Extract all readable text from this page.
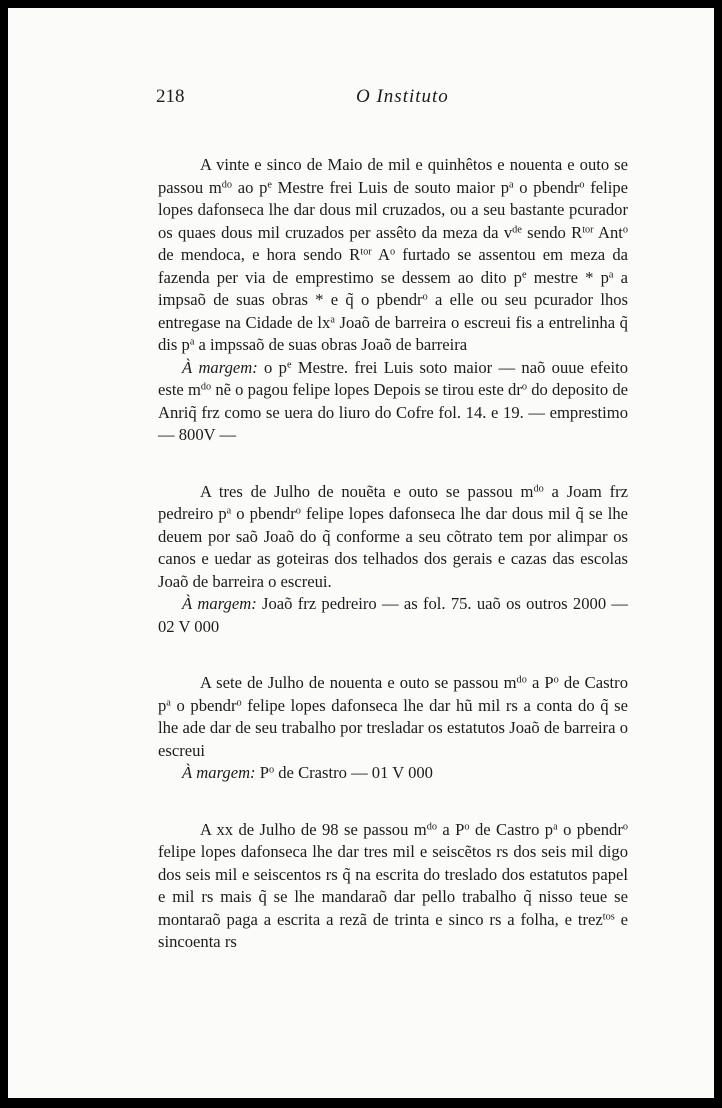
218	O Instituto

A vinte e sinco de Maio de mil e quinhêtos e nouenta e outo se passou $m^{do}$ ao $p^e$ Mestre frei Luis de souto maior $p^a$ o pbendr$^o$ felipe lopes dafonseca lhe dar dous mil cruzados, ou a seu bastante pcurador os quaes dous mil cruzados per assêto da meza da $v^{de}$ sendo $R^{tor}$ Ant$^o$ de mendoca, e hora sendo $R^{tor}$ $A^o$ furtado se assentou em meza da fazenda per via de emprestimo se dessem ao dito $p^e$ mestre * $p^a$ a impsaõ de suas obras * e q̃ o pbendr$^o$ a elle ou seu pcurador lhos entregase na Cidade de $lx^a$ Joaõ de barreira o escreui fis a entrelinha q̃ dis $p^a$ a impssaõ de suas obras Joaõ de barreira

À margem: o $p^e$ Mestre. frei Luis soto maior — naõ ouue efeito este $m^{do}$ nẽ o pagou felipe lopes Depois se tirou este $dr^o$ do deposito de Anriq̃ frz como se uera do liuro do Cofre fol. 14. e 19. — emprestimo — 800V —

A tres de Julho de nouẽta e outo se passou $m^{do}$ a Joam frz pedreiro $p^a$ o pbendr$^o$ felipe lopes dafonseca lhe dar dous mil q̃ se lhe deuem por saõ Joaõ do q̃ conforme a seu cõtrato tem por alimpar os canos e uedar as goteiras dos telhados dos gerais e cazas das escolas Joaõ de barreira o escreui.

À margem: Joaõ frz pedreiro — as fol. 75. uaõ os outros 2000 — 02 V 000

A sete de Julho de nouenta e outo se passou $m^{do}$ a $P^o$ de Castro $p^a$ o pbendr$^o$ felipe lopes dafonseca lhe dar hũ mil rs a conta do q̃ se lhe ade dar de seu trabalho por tresladar os estatutos Joaõ de barreira o escreui

À margem: $P^o$ de Crastro — 01 V 000

A xx de Julho de 98 se passou $m^{do}$ a $P^o$ de Castro $p^a$ o pbendr$^o$ felipe lopes dafonseca lhe dar tres mil e seiscẽtos rs dos seis mil digo dos seis mil e seiscentos rs q̃ na escrita do treslado dos estatutos papel e mil rs mais q̃ se lhe mandaraõ dar pello trabalho q̃ nisso teue se montaraõ paga a escrita a rezã de trinta e sinco rs a folha, e trez$^{tos}$ e sincoenta rs
